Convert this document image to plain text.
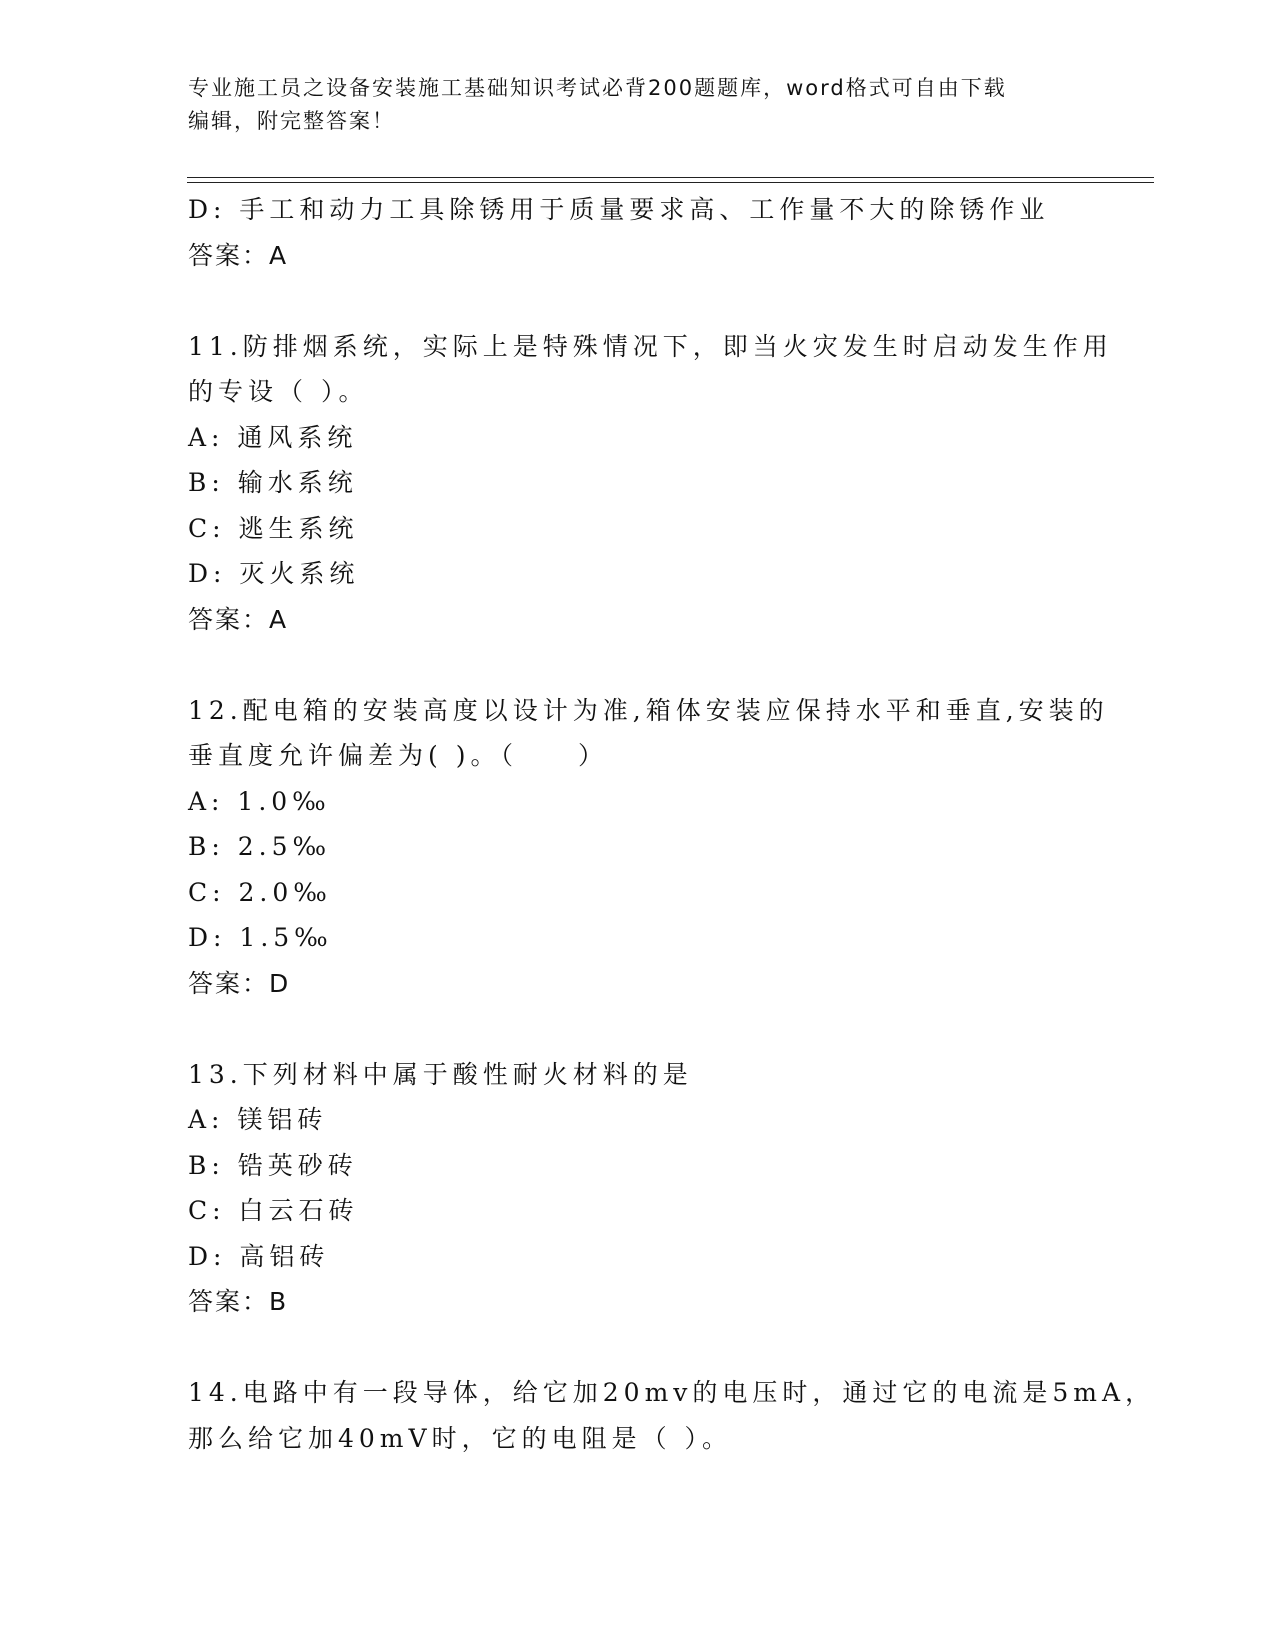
专业施工员之设备安装施工基础知识考试必背200题题库，word格式可自由下载
编辑，附完整答案！
D: 手工和动力工具除锈用于质量要求高、工作量不大的除锈作业
答案：A
11.防排烟系统，实际上是特殊情况下，即当火灾发生时启动发生作用
的专设（ ）。
A: 通风系统
B: 输水系统
C: 逃生系统
D: 灭火系统
答案：A
12.配电箱的安装高度以设计为准,箱体安装应保持水平和垂直,安装的
垂直度允许偏差为( )。（　　）
A: 1.0‰
B: 2.5‰
C: 2.0‰
D: 1.5‰
答案：D
13.下列材料中属于酸性耐火材料的是
A: 镁铝砖
B: 锆英砂砖
C: 白云石砖
D: 高铝砖
答案：B
14.电路中有一段导体，给它加20mv的电压时，通过它的电流是5mA，
那么给它加40mV时，它的电阻是（ ）。
